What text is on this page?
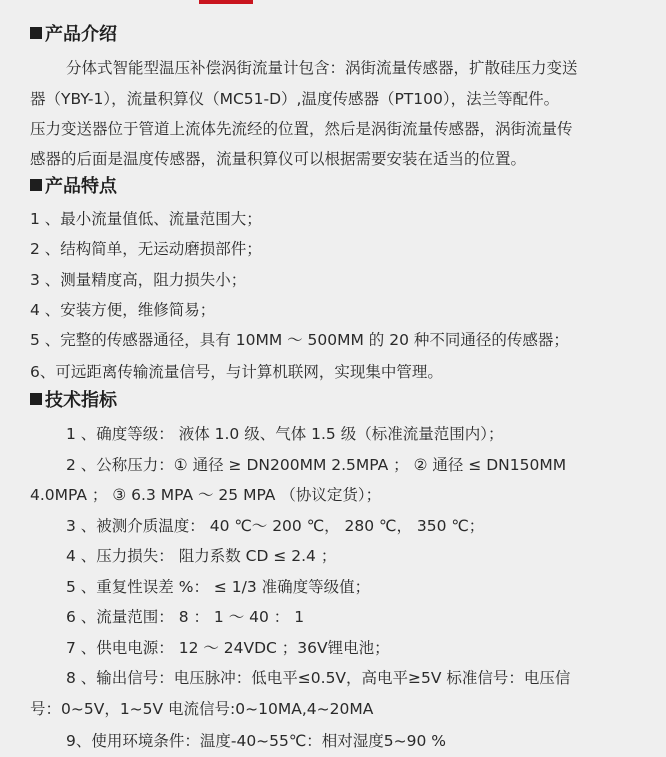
产品介绍
分体式智能型温压补偿涡街流量计包含：涡街流量传感器，扩散硅压力变送
器（YBY-1），流量积算仪（MC51-D）,温度传感器（PT100），法兰等配件。
压力变送器位于管道上流体先流经的位置，然后是涡街流量传感器，涡街流量传
感器的后面是温度传感器，流量积算仪可以根据需要安装在适当的位置。
产品特点
1 、最小流量值低、流量范围大；
2 、结构简单，无运动磨损部件；
3 、测量精度高，阻力损失小；
4 、安装方便，维修简易；
5 、完整的传感器通径，具有 10MM ～ 500MM 的 20 种不同通径的传感器；
6、可远距离传输流量信号，与计算机联网，实现集中管理。
技术指标
1 、确度等级： 液体 1.0 级、气体 1.5 级（标准流量范围内）；
2 、公称压力：① 通径 ≥ DN200MM 2.5MPA ； ② 通径 ≤ DN150MM
4.0MPA ； ③ 6.3 MPA ～ 25 MPA （协议定货）；
3 、被测介质温度： 40 ℃～ 200 ℃， 280 ℃， 350 ℃；
4 、压力损失： 阻力系数 CD ≤ 2.4 ；
5 、重复性误差 %： ≤ 1/3 准确度等级值；
6 、流量范围： 8 ： 1 ～ 40 ： 1
7 、供电电源： 12 ～ 24VDC ；36V锂电池；
8 、输出信号：电压脉冲：低电平≤0.5V，高电平≥5V 标准信号：电压信
号：0~5V，1~5V 电流信号:0~10MA,4~20MA
9、使用环境条件：温度-40~55℃：相对湿度5~90 %
